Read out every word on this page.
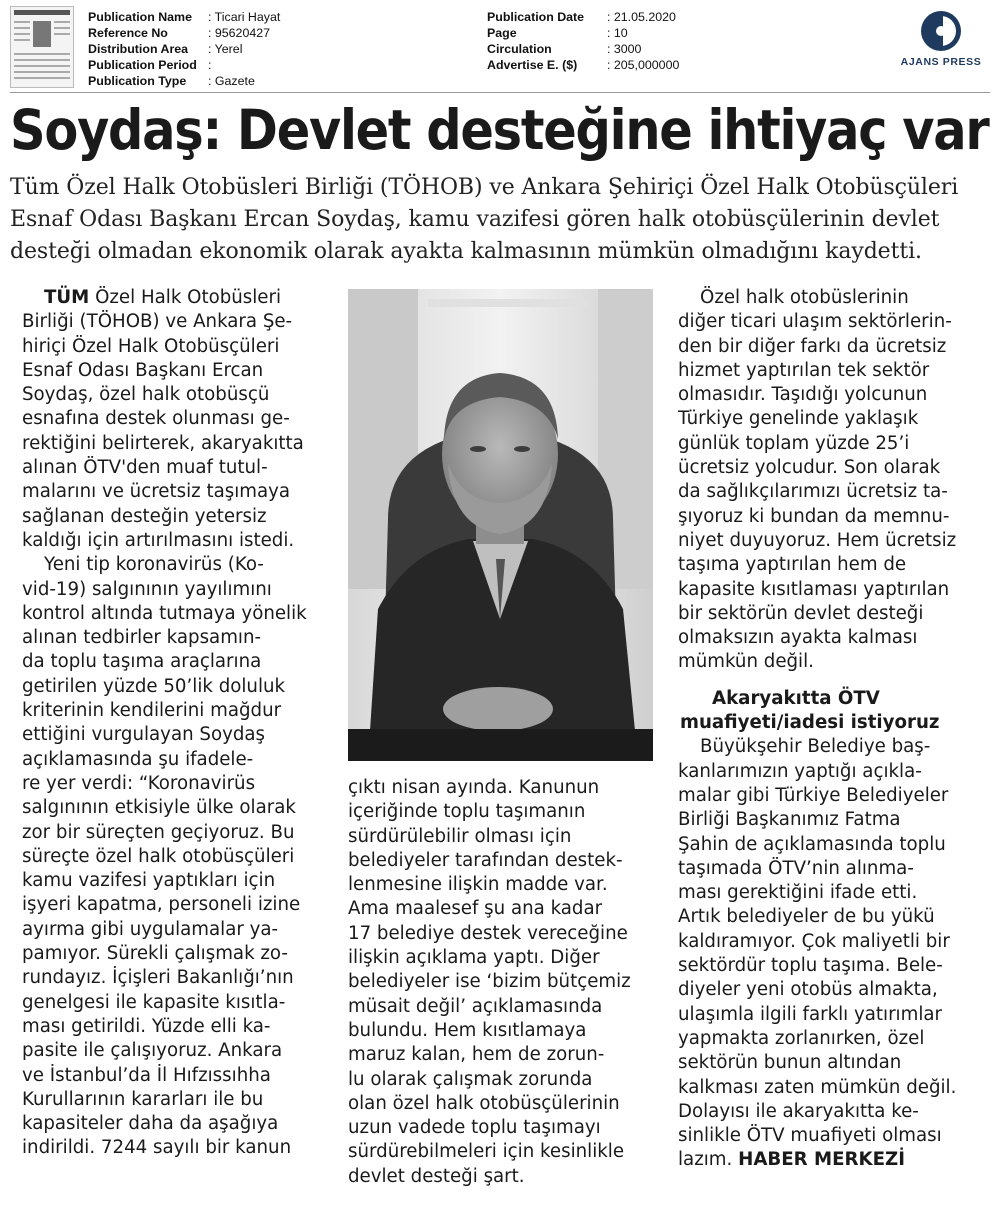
Publication Name	: Ticari Hayat
Reference No	: 95620427
Distribution Area	: Yerel
Publication Period :
Publication Type	: Gazete
Publication Date	: 21.05.2020
Page	: 10
Circulation	: 3000
Advertise E. ($)	: 205,000000	AJANS PRESS
Soydaş: Devlet desteğine ihtiyaç var
Tüm Özel Halk Otobüsleri Birliği (TÖHOB) ve Ankara Şehiriçi Özel Halk Otobüsçüleri
Esnaf Odası Başkanı Ercan Soydaş, kamu vazifesi gören halk otobüsçülerinin devlet
desteği olmadan ekonomik olarak ayakta kalmasının mümkün olmadığını kaydetti.
TÜM Özel Halk Otobüsleri
Birliği (TÖHOB) ve Ankara Şe-
hiriçi Özel Halk Otobüsçüleri
Esnaf Odası Başkanı Ercan
Soydaş, özel halk otobüsçü
esnafına destek olunması ge-
rektiğini belirterek, akaryakıtta
alınan ÖTV'den muaf tutul-
malarını ve ücretsiz taşımaya
sağlanan desteğin yetersiz
kaldığı için artırılmasını istedi.
Yeni tip koronavirüs (Ko-
vid-19) salgınının yayılımını
kontrol altında tutmaya yönelik
alınan tedbirler kapsamın-
da toplu taşıma araçlarına
getirilen yüzde 50’lik doluluk
kriterinin kendilerini mağdur
ettiğini vurgulayan Soydaş
açıklamasında şu ifadele-
re yer verdi: “Koronavirüs
salgınının etkisiyle ülke olarak
zor bir süreçten geçiyoruz. Bu
süreçte özel halk otobüsçüleri
kamu vazifesi yaptıkları için
işyeri kapatma, personeli izine
ayırma gibi uygulamalar ya-
pamıyor. Sürekli çalışmak zo-
rundayız. İçişleri Bakanlığı’nın
genelgesi ile kapasite kısıtla-
ması getirildi. Yüzde elli ka-
pasite ile çalışıyoruz. Ankara
ve İstanbul’da İl Hıfzıssıhha
Kurullarının kararları ile bu
kapasiteler daha da aşağıya
indirildi. 7244 sayılı bir kanun
çıktı nisan ayında. Kanunun
içeriğinde toplu taşımanın
sürdürülebilir olması için
belediyeler tarafından destek-
lenmesine ilişkin madde var.
Ama maalesef şu ana kadar
17 belediye destek vereceğine
ilişkin açıklama yaptı. Diğer
belediyeler ise ‘bizim bütçemiz
müsait değil’ açıklamasında
bulundu. Hem kısıtlamaya
maruz kalan, hem de zorun-
lu olarak çalışmak zorunda
olan özel halk otobüsçülerinin
uzun vadede toplu taşımayı
sürdürebilmeleri için kesinlikle
devlet desteği şart.
Özel halk otobüslerinin
diğer ticari ulaşım sektörlerin-
den bir diğer farkı da ücretsiz
hizmet yaptırılan tek sektör
olmasıdır. Taşıdığı yolcunun
Türkiye genelinde yaklaşık
günlük toplam yüzde 25’i
ücretsiz yolcudur. Son olarak
da sağlıkçılarımızı ücretsiz ta-
şıyoruz ki bundan da memnu-
niyet duyuyoruz. Hem ücretsiz
taşıma yaptırılan hem de
kapasite kısıtlaması yaptırılan
bir sektörün devlet desteği
olmaksızın ayakta kalması
mümkün değil.
Akaryakıtta ÖTV
muafiyeti/iadesi istiyoruz
Büyükşehir Belediye baş-
kanlarımızın yaptığı açıkla-
malar gibi Türkiye Belediyeler
Birliği Başkanımız Fatma
Şahin de açıklamasında toplu
taşımada ÖTV’nin alınma-
ması gerektiğini ifade etti.
Artık belediyeler de bu yükü
kaldıramıyor. Çok maliyetli bir
sektördür toplu taşıma. Bele-
diyeler yeni otobüs almakta,
ulaşımla ilgili farklı yatırımlar
yapmakta zorlanırken, özel
sektörün bunun altından
kalkması zaten mümkün değil.
Dolayısı ile akaryakıtta ke-
sinlikle ÖTV muafiyeti olması
lazım. HABER MERKEZİ
